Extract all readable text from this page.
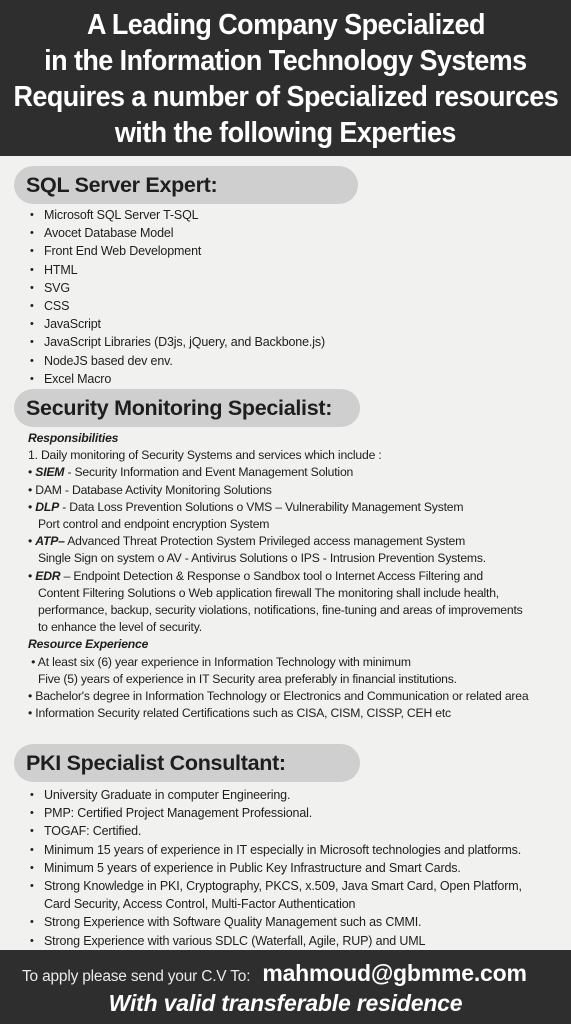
A Leading Company Specialized
in the Information Technology Systems
Requires a number of Specialized resources
with the following Experties
SQL Server Expert:
• Microsoft SQL Server T-SQL
• Avocet Database Model
• Front End Web Development
• HTML
• SVG
• CSS
• JavaScript
• JavaScript Libraries (D3js, jQuery, and Backbone.js)
• NodeJS based dev env.
• Excel Macro
Security Monitoring Specialist:
Responsibilities
1. Daily monitoring of Security Systems and services which include :
• SIEM - Security Information and Event Management Solution
• DAM - Database Activity Monitoring Solutions
• DLP - Data Loss Prevention Solutions o VMS – Vulnerability Management System
Port control and endpoint encryption System
• ATP– Advanced Threat Protection System Privileged access management System
Single Sign on system o AV - Antivirus Solutions o IPS - Intrusion Prevention Systems.
• EDR – Endpoint Detection & Response o Sandbox tool o Internet Access Filtering and
Content Filtering Solutions o Web application firewall The monitoring shall include health,
performance, backup, security violations, notifications, fine-tuning and areas of improvements
to enhance the level of security.
Resource Experience
• At least six (6) year experience in Information Technology with minimum
Five (5) years of experience in IT Security area preferably in financial institutions.
• Bachelor's degree in Information Technology or Electronics and Communication or related area
• Information Security related Certifications such as CISA, CISM, CISSP, CEH etc
PKI Specialist Consultant:
• University Graduate in computer Engineering.
• PMP: Certified Project Management Professional.
• TOGAF: Certified.
• Minimum 15 years of experience in IT especially in Microsoft technologies and platforms.
• Minimum 5 years of experience in Public Key Infrastructure and Smart Cards.
• Strong Knowledge in PKI, Cryptography, PKCS, x.509, Java Smart Card, Open Platform,
Card Security, Access Control, Multi-Factor Authentication
• Strong Experience with Software Quality Management such as CMMI.
• Strong Experience with various SDLC (Waterfall, Agile, RUP) and UML
To apply please send your C.V To: mahmoud@gbmme.com
With valid transferable residence
